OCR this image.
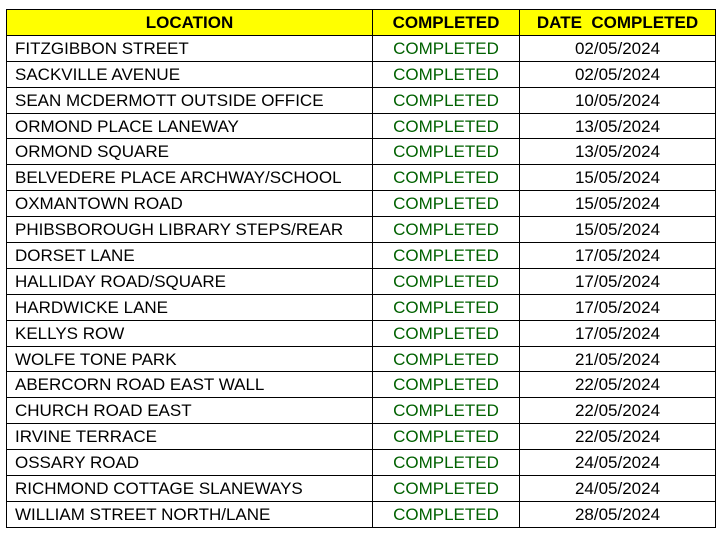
LOCATION	COMPLETED	DATE  COMPLETED
FITZGIBBON STREET	COMPLETED	02/05/2024
SACKVILLE AVENUE	COMPLETED	02/05/2024
SEAN MCDERMOTT OUTSIDE OFFICE	COMPLETED	10/05/2024
ORMOND PLACE LANEWAY	COMPLETED	13/05/2024
ORMOND SQUARE	COMPLETED	13/05/2024
BELVEDERE PLACE ARCHWAY/SCHOOL	COMPLETED	15/05/2024
OXMANTOWN ROAD	COMPLETED	15/05/2024
PHIBSBOROUGH LIBRARY STEPS/REAR	COMPLETED	15/05/2024
DORSET LANE	COMPLETED	17/05/2024
HALLIDAY ROAD/SQUARE	COMPLETED	17/05/2024
HARDWICKE LANE	COMPLETED	17/05/2024
KELLYS ROW	COMPLETED	17/05/2024
WOLFE TONE PARK	COMPLETED	21/05/2024
ABERCORN ROAD EAST WALL	COMPLETED	22/05/2024
CHURCH ROAD EAST	COMPLETED	22/05/2024
IRVINE TERRACE	COMPLETED	22/05/2024
OSSARY ROAD	COMPLETED	24/05/2024
RICHMOND COTTAGE SLANEWAYS	COMPLETED	24/05/2024
WILLIAM STREET NORTH/LANE	COMPLETED	28/05/2024
